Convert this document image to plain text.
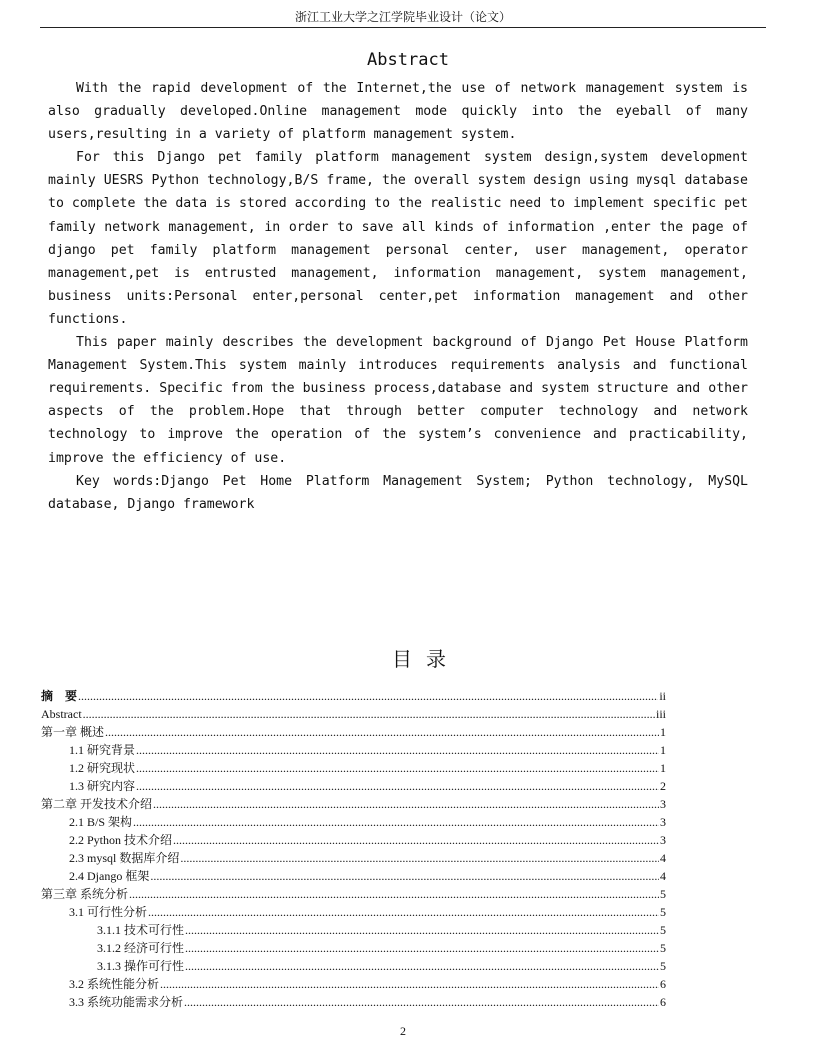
浙江工业大学之江学院毕业设计（论文）
Abstract

With the rapid development of the Internet,the use of network management system is also gradually developed.Online management mode quickly into the eyeball of many users,resulting in a variety of platform management system.

For this Django pet family platform management system design,system development mainly UESRS Python technology,B/S frame, the overall system design using mysql database to complete the data is stored according to the realistic need to implement specific pet family network management, in order to save all kinds of information ,enter the page of django pet family platform management personal center, user management, operator management,pet is entrusted management, information management, system management, business units:Personal enter,personal center,pet information management and other functions.

This paper mainly describes the development background of Django Pet House Platform Management System.This system mainly introduces requirements analysis and functional requirements. Specific from the business process,database and system structure and other aspects of the problem.Hope that through better computer technology and network technology to improve the operation of the system’s convenience and practicability, improve the efficiency of use.

Key words:Django Pet Home Platform Management System; Python technology, MySQL database, Django framework

目录
摘　要 .....	ii
Abstract .....	iii
第一章 概述 .....	1
1.1 研究背景 .....	1
1.2 研究现状 .....	1
1.3 研究内容 .....	2
第二章 开发技术介绍 .....	3
2.1 B/S 架构 .....	3
2.2 Python 技术介绍 .....	3
2.3 mysql 数据库介绍 .....	4
2.4 Django 框架 .....	4
第三章 系统分析 .....	5
3.1 可行性分析 .....	5
3.1.1 技术可行性 .....	5
3.1.2 经济可行性 .....	5
3.1.3 操作可行性 .....	5
3.2 系统性能分析 .....	6
3.3 系统功能需求分析 .....	6
2
